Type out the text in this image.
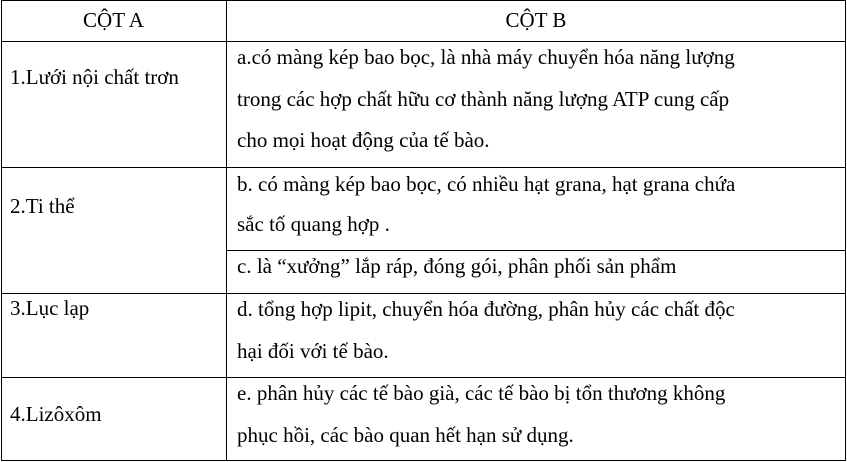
CỘT A	CỘT B
1.Lưới nội chất trơn
a.có màng kép bao bọc, là nhà máy chuyển hóa năng lượng
trong các hợp chất hữu cơ thành năng lượng ATP cung cấp
cho mọi hoạt động của tế bào.
2.Ti thể
b. có màng kép bao bọc, có nhiều hạt grana, hạt grana chứa
sắc tố quang hợp .
c. là “xưởng” lắp ráp, đóng gói, phân phối sản phẩm
3.Lục lạp	d. tổng hợp lipit, chuyển hóa đường, phân hủy các chất độc
hại đối với tế bào.
4.Lizôxôm
e. phân hủy các tế bào già, các tế bào bị tổn thương không
phục hồi, các bào quan hết hạn sử dụng.
